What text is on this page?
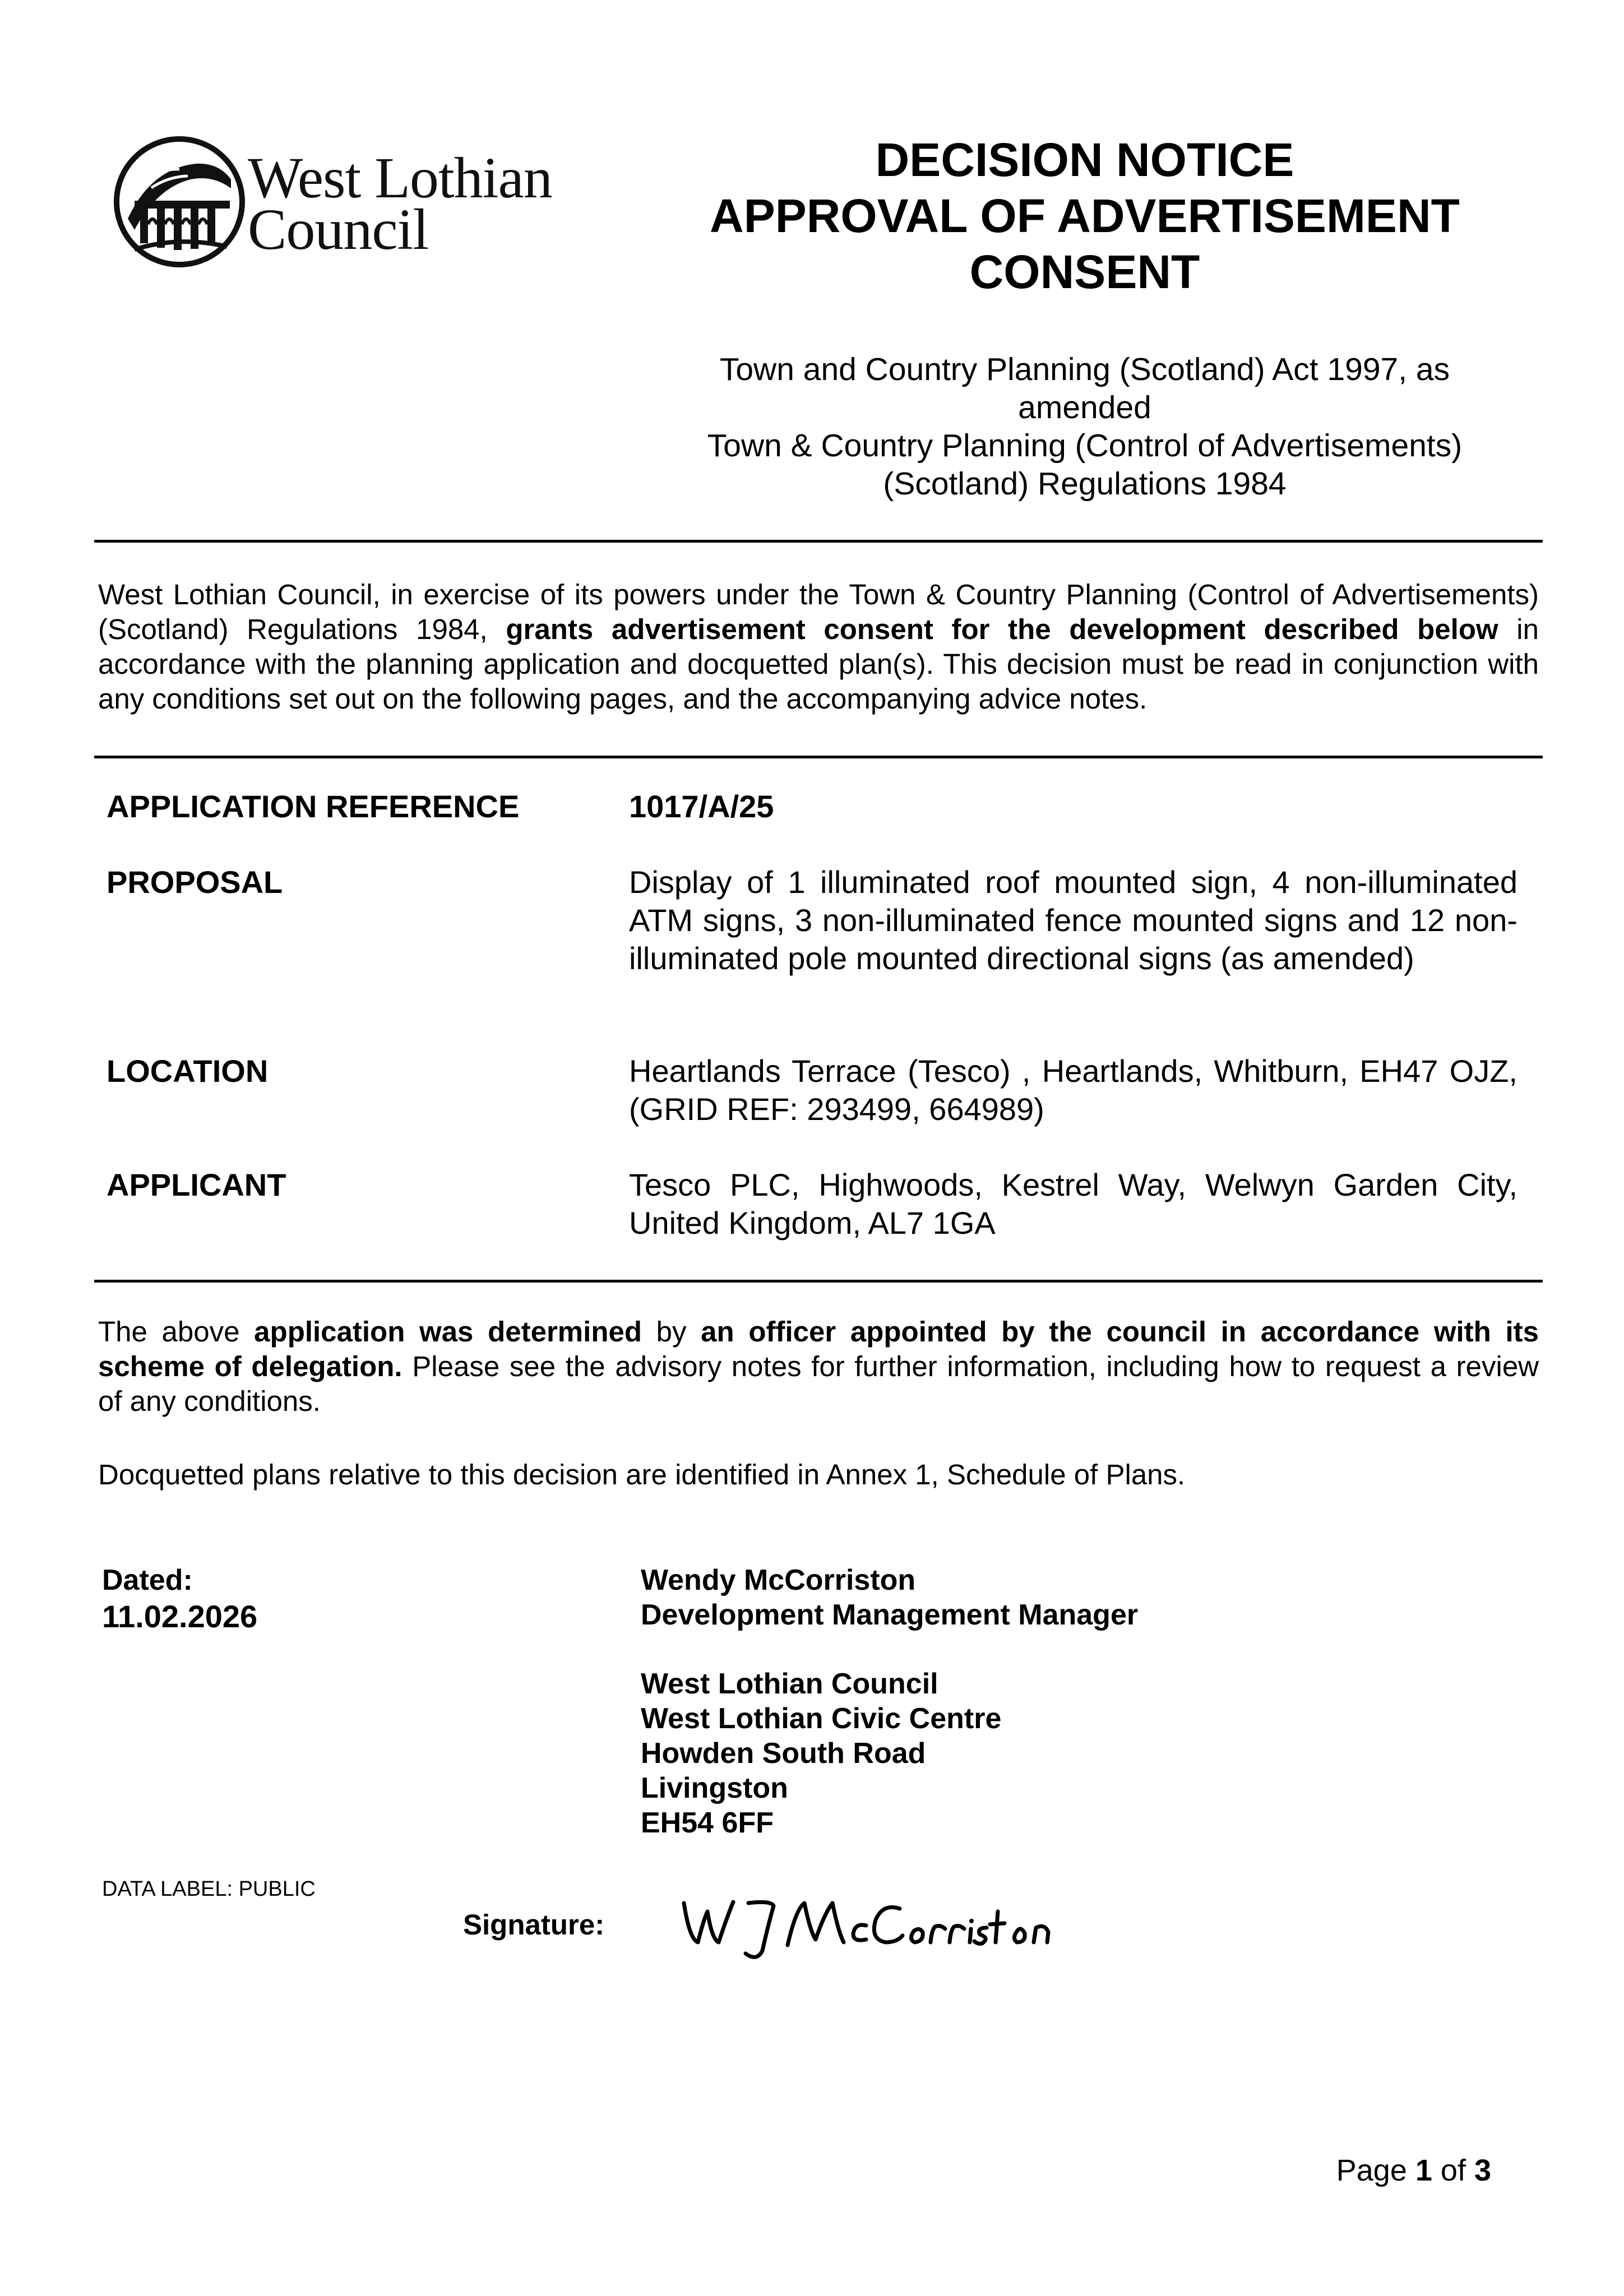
West Lothian
Council
DECISION NOTICE
APPROVAL OF ADVERTISEMENT
CONSENT
Town and Country Planning (Scotland) Act 1997, as
amended
Town & Country Planning (Control of Advertisements)
(Scotland) Regulations 1984
West Lothian Council, in exercise of its powers under the Town & Country Planning (Control of Advertisements) (Scotland) Regulations 1984, grants advertisement consent for the development described below in accordance with the planning application and docquetted plan(s). This decision must be read in conjunction with any conditions set out on the following pages, and the accompanying advice notes.
APPLICATION REFERENCE	1017/A/25
PROPOSAL	Display of 1 illuminated roof mounted sign, 4 non-illuminated ATM signs, 3 non-illuminated fence mounted signs and 12 non-illuminated pole mounted directional signs (as amended)
LOCATION	Heartlands Terrace (Tesco) , Heartlands, Whitburn, EH47 OJZ, (GRID REF: 293499, 664989)
APPLICANT	Tesco PLC, Highwoods, Kestrel Way, Welwyn Garden City, United Kingdom, AL7 1GA
The above application was determined by an officer appointed by the council in accordance with its scheme of delegation. Please see the advisory notes for further information, including how to request a review of any conditions.
Docquetted plans relative to this decision are identified in Annex 1, Schedule of Plans.
Dated:
11.02.2026
Wendy McCorriston
Development Management Manager
West Lothian Council
West Lothian Civic Centre
Howden South Road
Livingston
EH54 6FF
DATA LABEL: PUBLIC
Signature:
Page 1 of 3
